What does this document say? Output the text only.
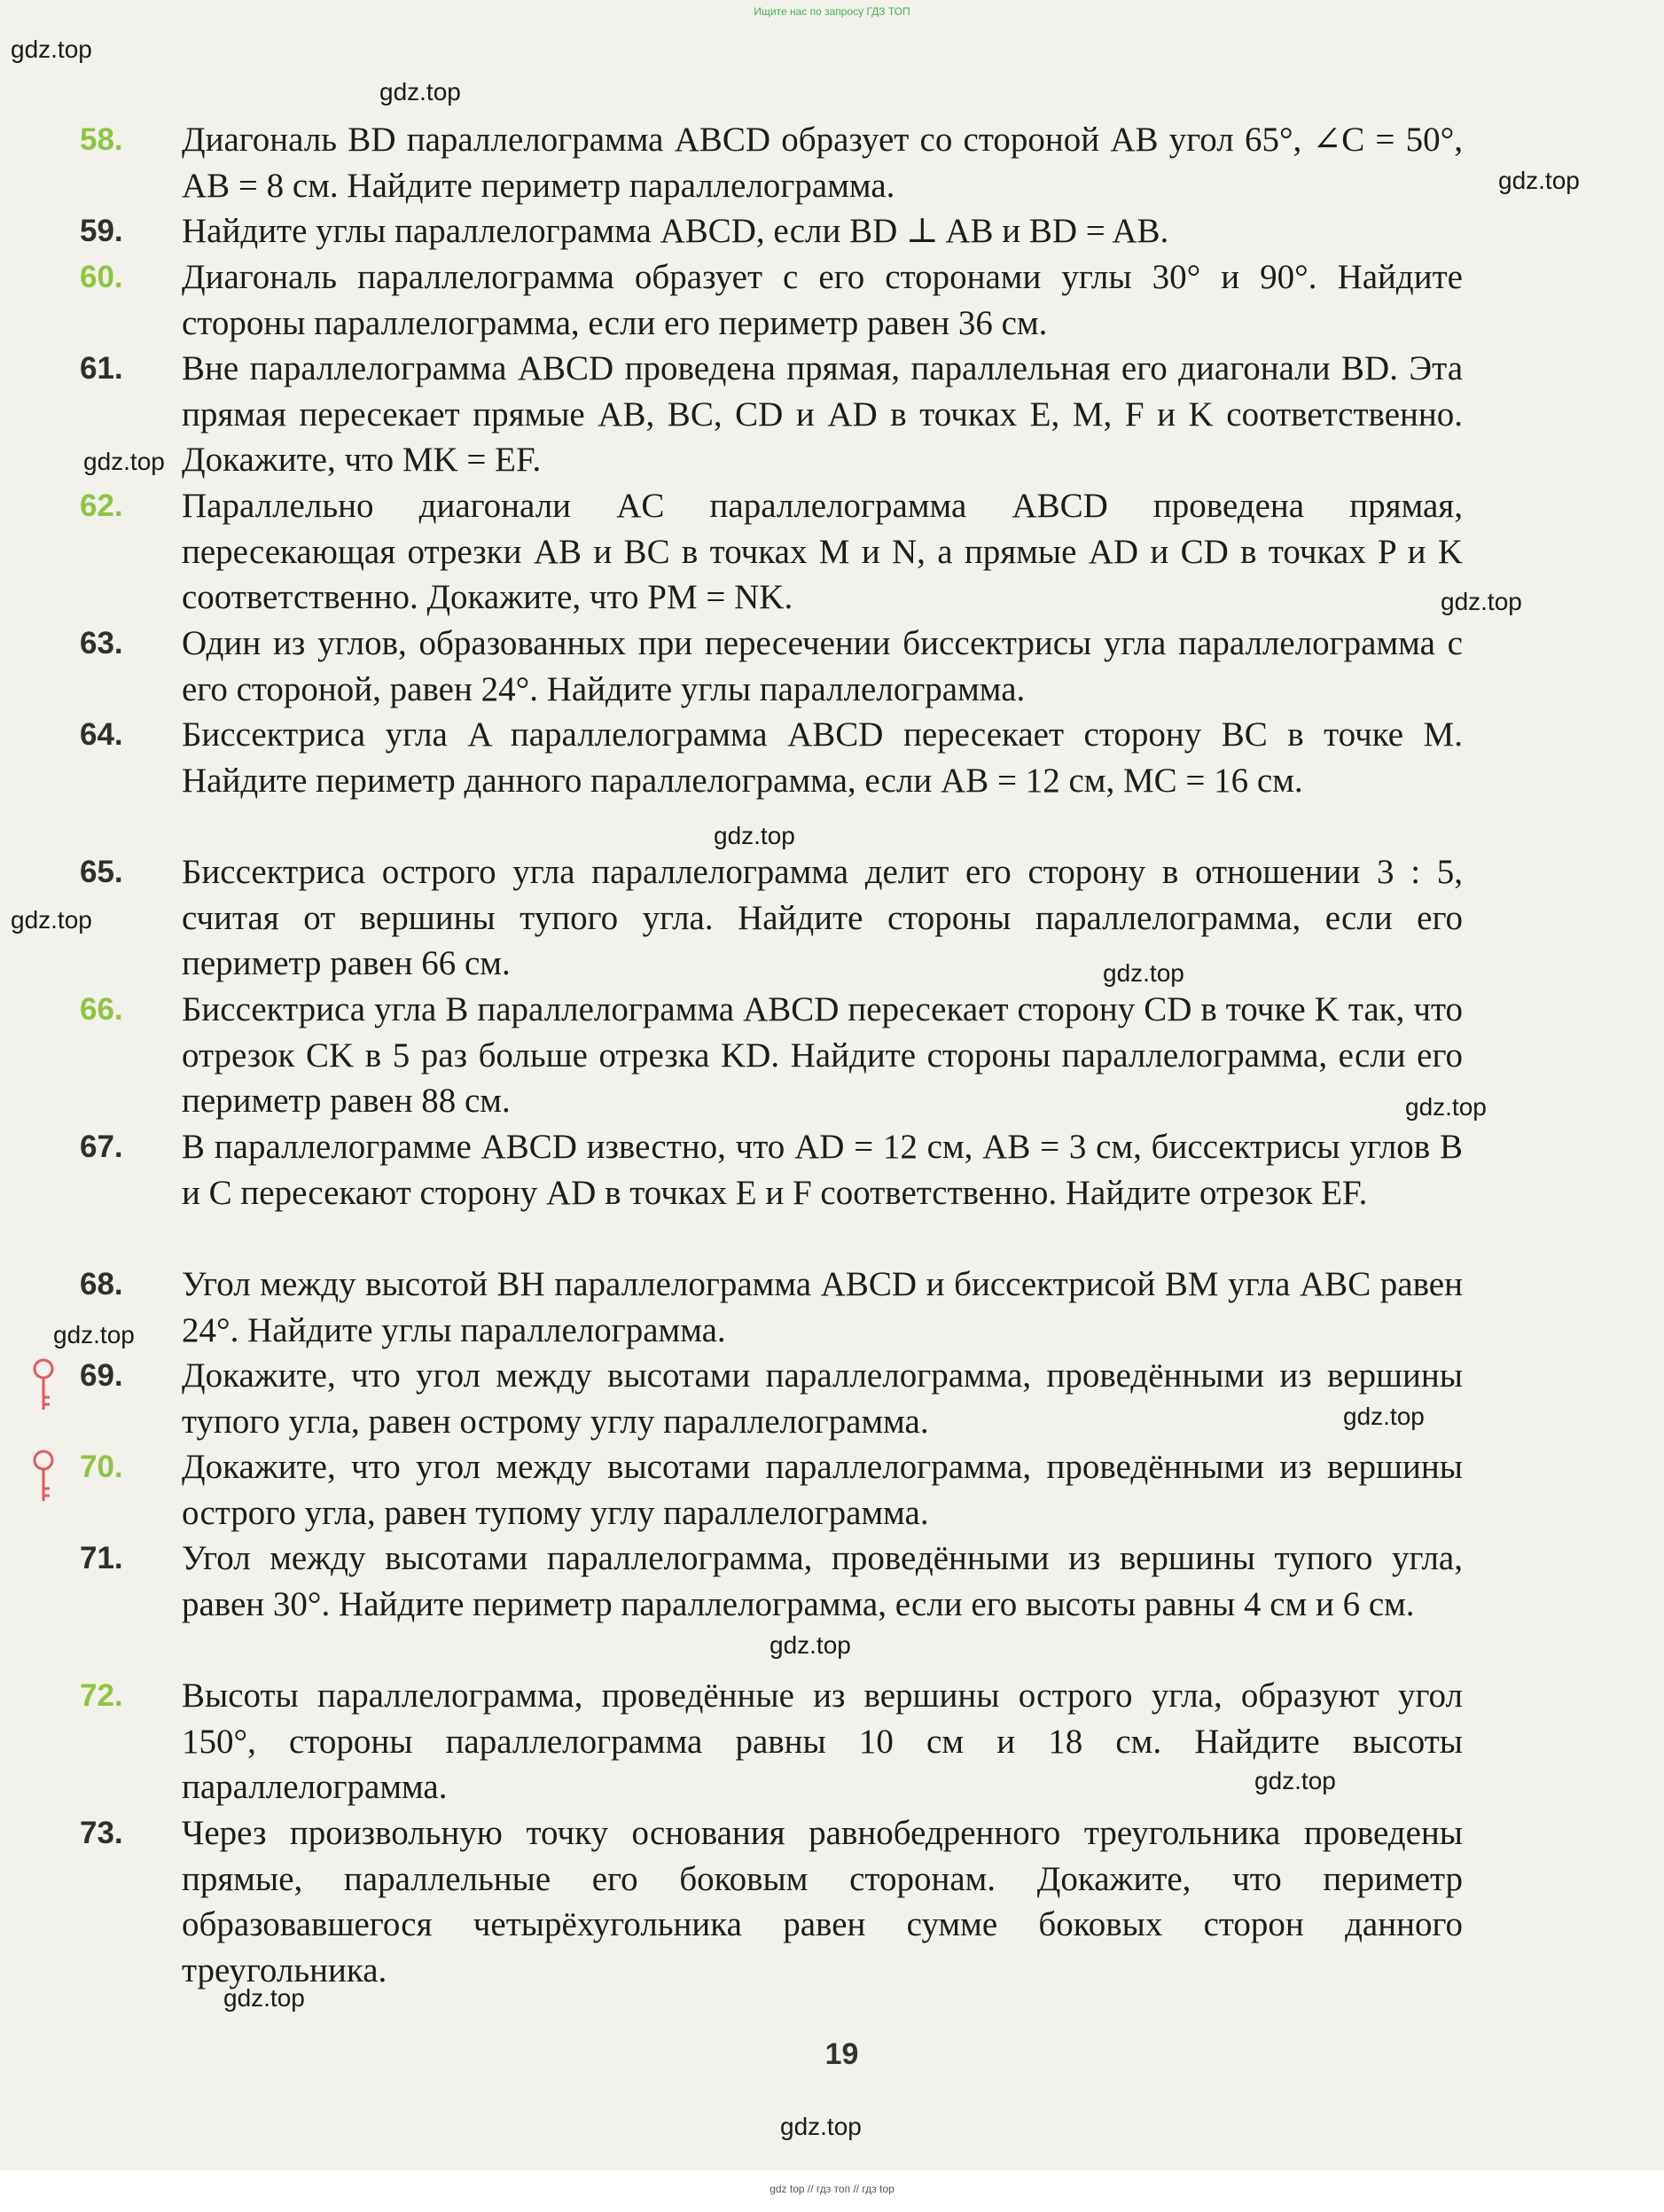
Ищите нас по запросу ГДЗ ТОП
gdz.top
gdz.top
gdz.top
gdz.top
gdz.top
gdz.top
gdz.top
gdz.top
gdz.top
gdz.top
gdz.top
gdz.top
gdz.top
gdz.top
gdz.top
58. Диагональ BD параллелограмма ABCD образует со стороной AB угол 65°, ∠C = 50°, AB = 8 см. Найдите периметр параллелограмма.
59. Найдите углы параллелограмма ABCD, если BD ⊥ AB и BD = AB.
60. Диагональ параллелограмма образует с его сторонами углы 30° и 90°. Найдите стороны параллелограмма, если его периметр равен 36 см.
61. Вне параллелограмма ABCD проведена прямая, параллельная его диагонали BD. Эта прямая пересекает прямые AB, BC, CD и AD в точках E, M, F и K соответственно. Докажите, что MK = EF.
62. Параллельно диагонали AC параллелограмма ABCD проведена прямая, пересекающая отрезки AB и BC в точках M и N, а прямые AD и CD в точках P и K соответственно. Докажите, что PM = NK.
63. Один из углов, образованных при пересечении биссектрисы угла параллелограмма с его стороной, равен 24°. Найдите углы параллелограмма.
64. Биссектриса угла A параллелограмма ABCD пересекает сторону BC в точке M. Найдите периметр данного параллелограмма, если AB = 12 см, MC = 16 см.
65. Биссектриса острого угла параллелограмма делит его сторону в отношении 3 : 5, считая от вершины тупого угла. Найдите стороны параллелограмма, если его периметр равен 66 см.
66. Биссектриса угла B параллелограмма ABCD пересекает сторону CD в точке K так, что отрезок CK в 5 раз больше отрезка KD. Найдите стороны параллелограмма, если его периметр равен 88 см.
67. В параллелограмме ABCD известно, что AD = 12 см, AB = 3 см, биссектрисы углов B и C пересекают сторону AD в точках E и F соответственно. Найдите отрезок EF.
68. Угол между высотой BH параллелограмма ABCD и биссектрисой BM угла ABC равен 24°. Найдите углы параллелограмма.
69. Докажите, что угол между высотами параллелограмма, проведёнными из вершины тупого угла, равен острому углу параллелограмма.
70. Докажите, что угол между высотами параллелограмма, проведёнными из вершины острого угла, равен тупому углу параллелограмма.
71. Угол между высотами параллелограмма, проведёнными из вершины тупого угла, равен 30°. Найдите периметр параллелограмма, если его высоты равны 4 см и 6 см.
72. Высоты параллелограмма, проведённые из вершины острого угла, образуют угол 150°, стороны параллелограмма равны 10 см и 18 см. Найдите высоты параллелограмма.
73. Через произвольную точку основания равнобедренного треугольника проведены прямые, параллельные его боковым сторонам. Докажите, что периметр образовавшегося четырёхугольника равен сумме боковых сторон данного треугольника.
19
gdz top // гдз топ // гдз top
